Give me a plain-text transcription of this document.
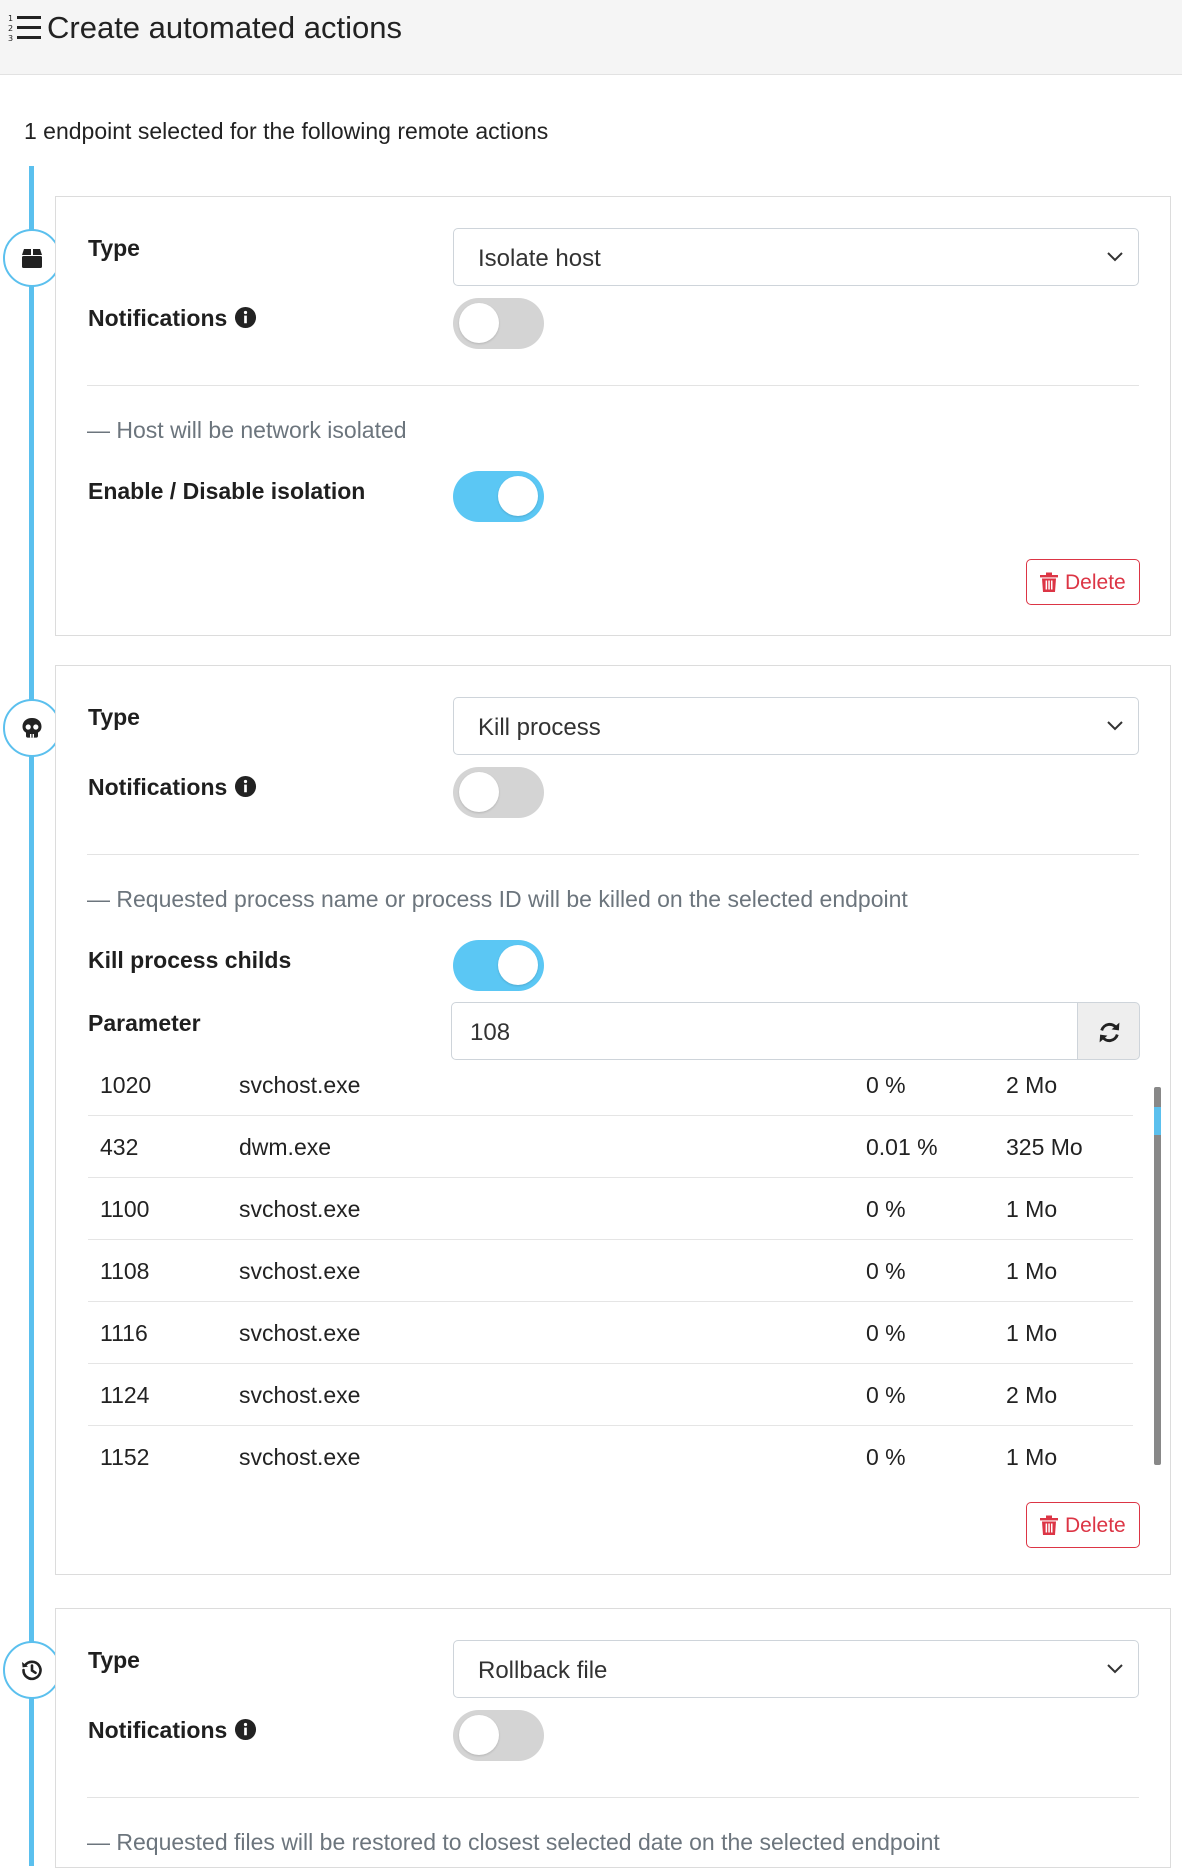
1
2
3 Create automated actions
1 endpoint selected for the following remote actions
Type	Isolate host
Notifications
— Host will be network isolated
Enable / Disable isolation
Delete
Type	Kill process
Notifications
— Requested process name or process ID will be killed on the selected endpoint
Kill process childs
Parameter	108
1020	svchost.exe	0 %	2 Mo
432	dwm.exe	0.01 %	325 Mo
1100	svchost.exe	0 %	1 Mo
1108	svchost.exe	0 %	1 Mo
1116	svchost.exe	0 %	1 Mo
1124	svchost.exe	0 %	2 Mo
1152	svchost.exe	0 %	1 Mo
Delete
Type	Rollback file
Notifications
— Requested files will be restored to closest selected date on the selected endpoint
